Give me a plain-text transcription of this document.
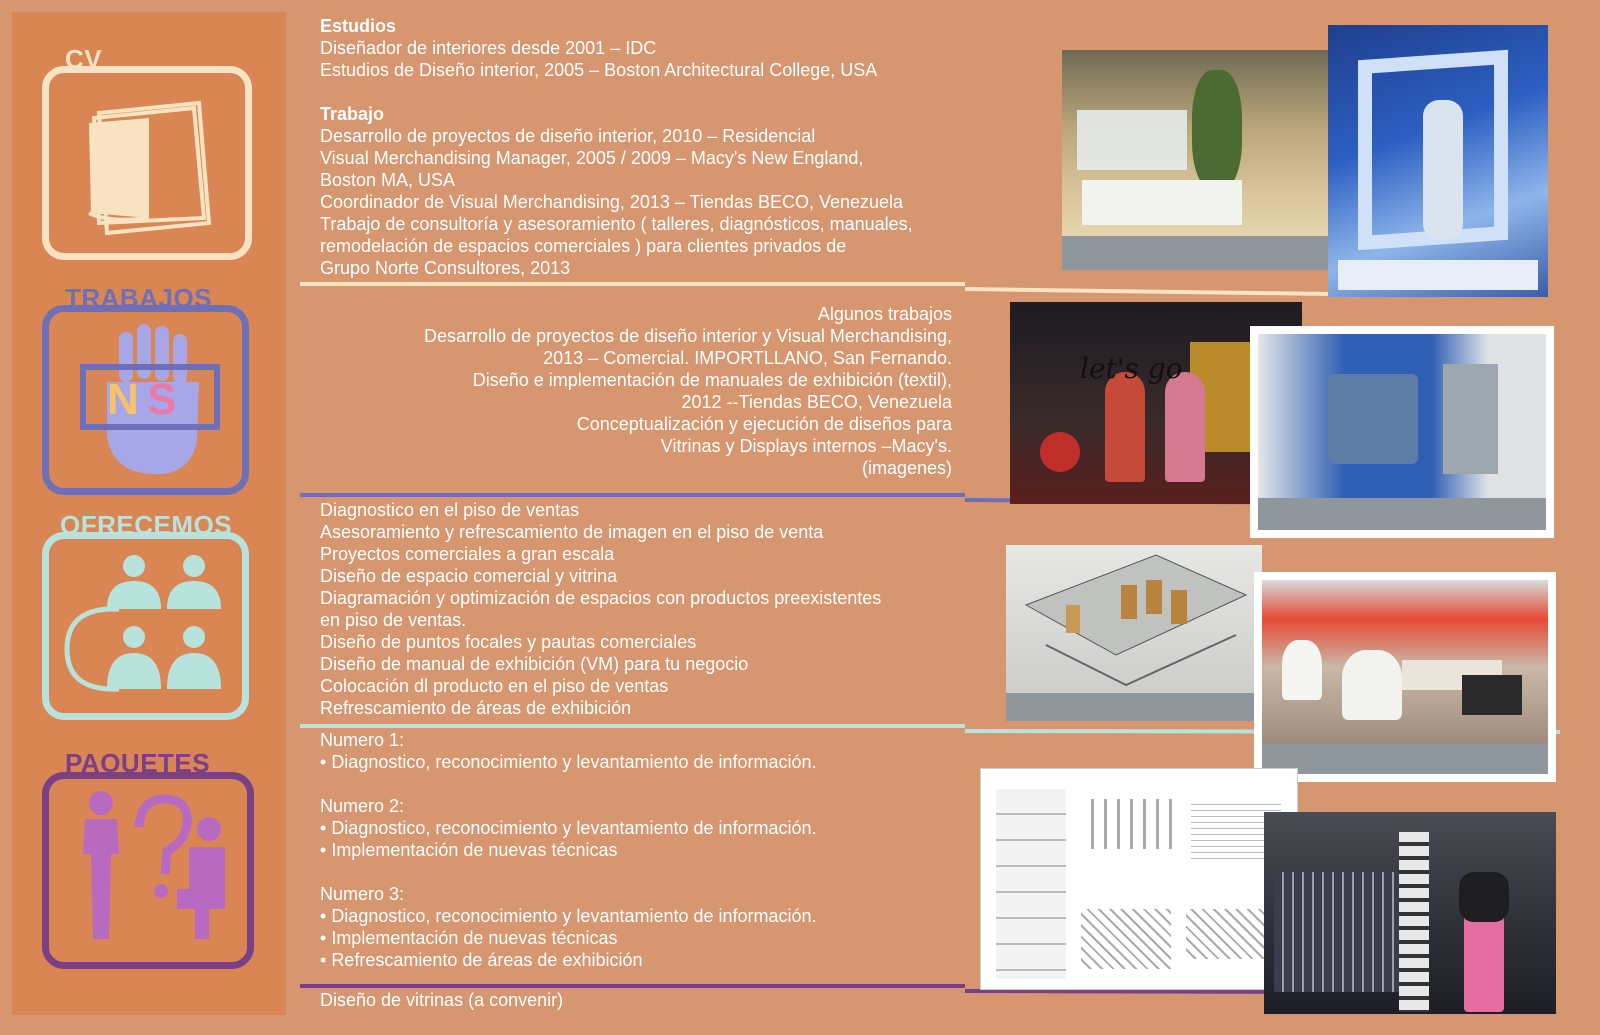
CV
TRABAJOS
N S
OFRECEMOS
PAQUETES
Estudios
Diseñador de interiores desde 2001 – IDC
Estudios de Diseño interior, 2005 – Boston Architectural College, USA
Trabajo
Desarrollo de proyectos de diseño interior, 2010 – Residencial
Visual Merchandising Manager, 2005 / 2009 – Macy's New England,
Boston MA, USA
Coordinador de Visual Merchandising, 2013 – Tiendas BECO, Venezuela
Trabajo de consultoría y asesoramiento ( talleres, diagnósticos, manuales,
remodelación de espacios comerciales ) para clientes privados de
Grupo Norte Consultores, 2013
Algunos trabajos
Desarrollo de proyectos de diseño interior y Visual Merchandising,
2013 – Comercial. IMPORTLLANO, San Fernando.
Diseño e implementación de manuales de exhibición (textil),
2012 --Tiendas BECO, Venezuela
Conceptualización y ejecución de diseños para
Vitrinas y Displays internos –Macy's.
(imagenes)
Diagnostico en el piso de ventas
Asesoramiento y refrescamiento de imagen en el piso de venta
Proyectos comerciales a gran escala
Diseño de espacio comercial y vitrina
Diagramación y optimización de espacios con productos preexistentes
en piso de ventas.
Diseño de puntos focales y pautas comerciales
Diseño de manual de exhibición (VM) para tu negocio
Colocación dl producto en el piso de ventas
Refrescamiento de áreas de exhibición
Numero 1:
• Diagnostico, reconocimiento y levantamiento de información.
Numero 2:
• Diagnostico, reconocimiento y levantamiento de información.
• Implementación de nuevas técnicas
Numero 3:
• Diagnostico, reconocimiento y levantamiento de información.
• Implementación de nuevas técnicas
• Refrescamiento de áreas de exhibición
Diseño de vitrinas (a convenir)
let's go
